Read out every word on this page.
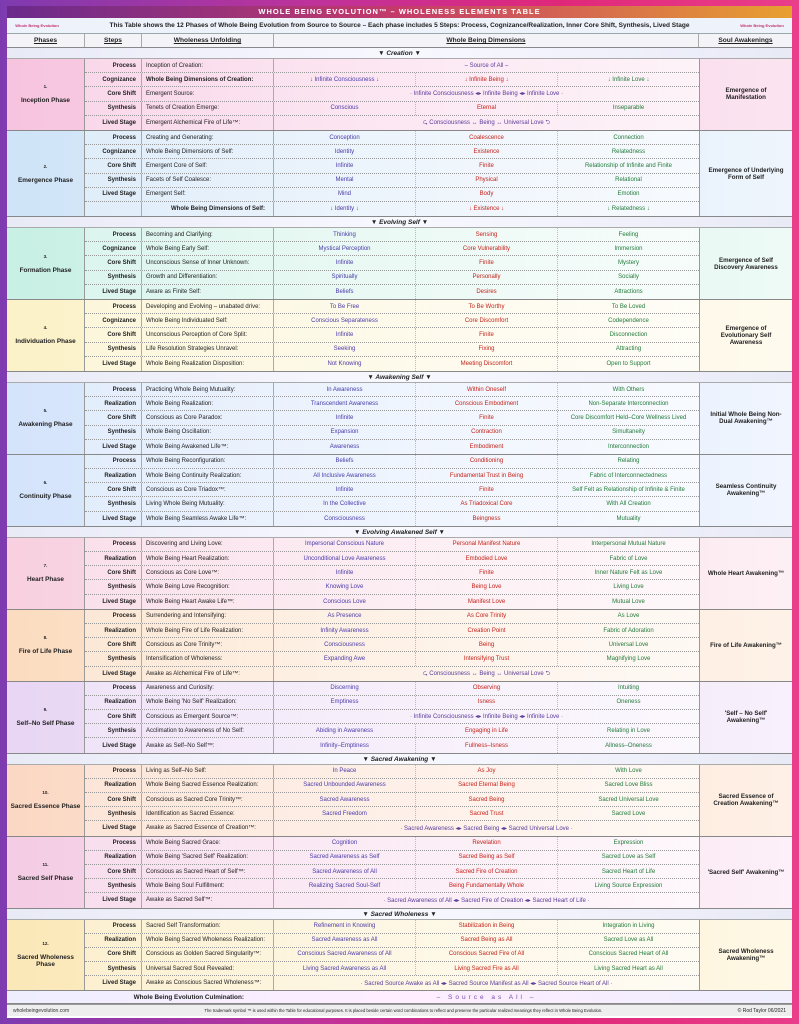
WHOLE BEING EVOLUTION™ – WHOLENESS ELEMENTS TABLE
Whole Being Evolution	This Table shows the 12 Phases of Whole Being Evolution from Source to Source – Each phase includes 5 Steps: Process, Cognizance/Realization, Inner Core Shift, Synthesis, Lived Stage	Whole Being Evolution
Phases	Steps	Wholeness Unfolding	Whole Being Dimensions	Soul Awakenings
▼ Creation ▼
1.
Inception Phase
Process	Inception of Creation:	– Source of All –
Cognizance	Whole Being Dimensions of Creation:	↓ Infinite Consciousness ↓	↓ Infinite Being ↓	↓ Infinite Love ↓
Core Shift	Emergent Source:	· Infinite Consciousness ◂▸ Infinite Being ◂▸ Infinite Love ·
Synthesis	Tenets of Creation Emerge:	Conscious	Eternal	Inseparable
Lived Stage	Emergent Alchemical Fire of Life™:	⮎ Consciousness ↔ Being ↔ Universal Love ⮌
Emergence of Manifestation
2.
Emergence Phase
Process	Creating and Generating:	Conception	Coalescence	Connection
Cognizance	Whole Being Dimensions of Self:	Identity	Existence	Relatedness
Core Shift	Emergent Core of Self:	Infinite	Finite	Relationship of Infinite and Finite
Synthesis	Facets of Self Coalesce:	Mental	Physical	Relational
Lived Stage	Emergent Self:	Mind	Body	Emotion
Whole Being Dimensions of Self:	↓ Identity ↓	↓ Existence ↓	↓ Relatedness ↓
Emergence of Underlying Form of Self
▼ Evolving Self ▼
3.
Formation Phase
Process	Becoming and Clarifying:	Thinking	Sensing	Feeling
Cognizance	Whole Being Early Self:	Mystical Perception	Core Vulnerability	Immersion
Core Shift	Unconscious Sense of Inner Unknown:	Infinite	Finite	Mystery
Synthesis	Growth and Differentiation:	Spiritually	Personally	Socially
Lived Stage	Aware as Finite Self:	Beliefs	Desires	Attractions
Emergence of Self Discovery Awareness
4.
Individuation Phase
Process	Developing and Evolving – unabated drive:	To Be Free	To Be Worthy	To Be Loved
Cognizance	Whole Being Individuated Self:	Conscious Separateness	Core Discomfort	Codependence
Core Shift	Unconscious Perception of Core Split:	Infinite	Finite	Disconnection
Synthesis	Life Resolution Strategies Unravel:	Seeking	Fixing	Attracting
Lived Stage	Whole Being Realization Disposition:	Not Knowing	Meeting Discomfort	Open to Support
Emergence of Evolutionary Self Awareness
▼ Awakening Self ▼
5.
Awakening Phase
Process	Practicing Whole Being Mutuality:	In Awareness	Within Oneself	With Others
Realization	Whole Being Realization:	Transcendent Awareness	Conscious Embodiment	Non-Separate Interconnection
Core Shift	Conscious as Core Paradox:	Infinite	Finite	Core Discomfort Held–Core Wellness Lived
Synthesis	Whole Being Oscillation:	Expansion	Contraction	Simultaneity
Lived Stage	Whole Being Awakened Life™:	Awareness	Embodiment	Interconnection
Initial Whole Being Non-Dual Awakening™
6.
Continuity Phase
Process	Whole Being Reconfiguration:	Beliefs	Conditioning	Relating
Realization	Whole Being Continuity Realization:	All Inclusive Awareness	Fundamental Trust in Being	Fabric of Interconnectedness
Core Shift	Conscious as Core Triadox™:	Infinite	Finite	Self Felt as Relationship of Infinite & Finite
Synthesis	Living Whole Being Mutuality:	In the Collective	As Triadoxical Core	With All Creation
Lived Stage	Whole Being Seamless Awake Life™:	Consciousness	Beingness	Mutuality
Seamless Continuity Awakening™
▼ Evolving Awakened Self ▼
7.
Heart Phase
Process	Discovering and Living Love:	Impersonal Conscious Nature	Personal Manifest Nature	Interpersonal Mutual Nature
Realization	Whole Being Heart Realization:	Unconditional Love Awareness	Embodied Love	Fabric of Love
Core Shift	Conscious as Core Love™:	Infinite	Finite	Inner Nature Felt as Love
Synthesis	Whole Being Love Recognition:	Knowing Love	Being Love	Living Love
Lived Stage	Whole Being Heart Awake Life™:	Conscious Love	Manifest Love	Mutual Love
Whole Heart Awakening™
8.
Fire of Life Phase
Process	Surrendering and Intensifying:	As Presence	As Core Trinity	As Love
Realization	Whole Being Fire of Life Realization:	Infinity Awareness	Creation Point	Fabric of Adoration
Core Shift	Conscious as Core Trinity™:	Consciousness	Being	Universal Love
Synthesis	Intensification of Wholeness:	Expanding Awe	Intensifying Trust	Magnifying Love
Lived Stage	Awake as Alchemical Fire of Life™:	⮎ Consciousness ↔ Being ↔ Universal Love ⮌
Fire of Life Awakening™
9.
Self–No Self Phase
Process	Awareness and Curiosity:	Discerning	Observing	Intuiting
Realization	Whole Being 'No Self' Realization:	Emptiness	Isness	Oneness
Core Shift	Conscious as Emergent Source™:	· Infinite Consciousness ◂▸ Infinite Being ◂▸ Infinite Love ·
Synthesis	Acclimation to Awareness of No Self:	Abiding in Awareness	Engaging in Life	Relating in Love
Lived Stage	Awake as Self–No Self™:	Infinity–Emptiness	Fullness–Isness	Allness–Oneness
'Self – No Self' Awakening™
▼ Sacred Awakening ▼
10.
Sacred Essence Phase
Process	Living as Self–No Self:	In Peace	As Joy	With Love
Realization	Whole Being Sacred Essence Realization:	Sacred Unbounded Awareness	Sacred Eternal Being	Sacred Love Bliss
Core Shift	Conscious as Sacred Core Trinity™:	Sacred Awareness	Sacred Being	Sacred Universal Love
Synthesis	Identification as Sacred Essence:	Sacred Freedom	Sacred Trust	Sacred Love
Lived Stage	Awake as Sacred Essence of Creation™:	· Sacred Awareness ◂▸ Sacred Being ◂▸ Sacred Universal Love ·
Sacred Essence of Creation Awakening™
11.
Sacred Self Phase
Process	Whole Being Sacred Grace:	Cognition	Revelation	Expression
Realization	Whole Being 'Sacred Self' Realization:	Sacred Awareness as Self	Sacred Being as Self	Sacred Love as Self
Core Shift	Conscious as Sacred Heart of Self™:	Sacred Awareness of All	Sacred Fire of Creation	Sacred Heart of Life
Synthesis	Whole Being Soul Fulfillment:	Realizing Sacred Soul-Self	Being Fundamentally Whole	Living Source Expression
Lived Stage	Awake as Sacred Self™:	· Sacred Awareness of All ◂▸ Sacred Fire of Creation ◂▸ Sacred Heart of Life ·
'Sacred Self' Awakening™
▼ Sacred Wholeness ▼
12.
Sacred Wholeness Phase
Process	Sacred Self Transformation:	Refinement in Knowing	Stabilization in Being	Integration in Living
Realization	Whole Being Sacred Wholeness Realization:	Sacred Awareness as All	Sacred Being as All	Sacred Love as All
Core Shift	Conscious as Golden Sacred Singularity™:	Conscious Sacred Awareness of All	Conscious Sacred Fire of All	Conscious Sacred Heart of All
Synthesis	Universal Sacred Soul Revealed:	Living Sacred Awareness as All	Living Sacred Fire as All	Living Sacred Heart as All
Lived Stage	Awake as Conscious Sacred Wholeness™:	· Sacred Source Awake as All ◂▸ Sacred Source Manifest as All ◂▸ Sacred Source Heart of All ·
Sacred Wholeness Awakening™
Whole Being Evolution Culmination:	– Source as All –
wholebeingevolution.com	The trademark symbol ™ is used within the Table for educational purposes. It is placed beside certain word combinations to reflect and preserve the particular realized meanings they reflect in Whole Being Evolution.	© Rod Taylor 06/2021
